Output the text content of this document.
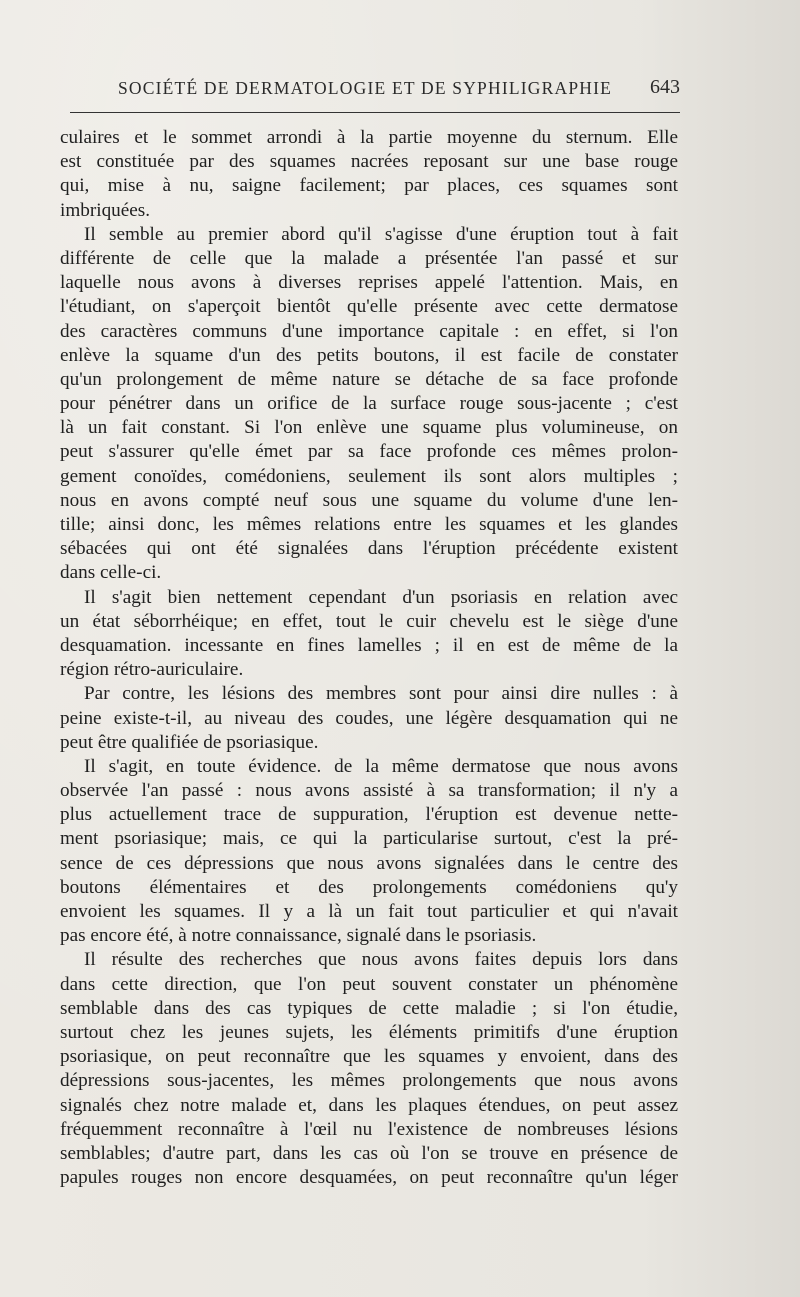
SOCIÉTÉ DE DERMATOLOGIE ET DE SYPHILIGRAPHIE 643
culaires et le sommet arrondi à la partie moyenne du sternum. Elle
est constituée par des squames nacrées reposant sur une base rouge
qui, mise à nu, saigne facilement; par places, ces squames sont
imbriquées.
Il semble au premier abord qu'il s'agisse d'une éruption tout à fait
différente de celle que la malade a présentée l'an passé et sur
laquelle nous avons à diverses reprises appelé l'attention. Mais, en
l'étudiant, on s'aperçoit bientôt qu'elle présente avec cette dermatose
des caractères communs d'une importance capitale : en effet, si l'on
enlève la squame d'un des petits boutons, il est facile de constater
qu'un prolongement de même nature se détache de sa face profonde
pour pénétrer dans un orifice de la surface rouge sous-jacente ; c'est
là un fait constant. Si l'on enlève une squame plus volumineuse, on
peut s'assurer qu'elle émet par sa face profonde ces mêmes prolon-
gement conoïdes, comédoniens, seulement ils sont alors multiples ;
nous en avons compté neuf sous une squame du volume d'une len-
tille; ainsi donc, les mêmes relations entre les squames et les glandes
sébacées qui ont été signalées dans l'éruption précédente existent
dans celle-ci.
Il s'agit bien nettement cependant d'un psoriasis en relation avec
un état séborrhéique; en effet, tout le cuir chevelu est le siège d'une
desquamation. incessante en fines lamelles ; il en est de même de la
région rétro-auriculaire.
Par contre, les lésions des membres sont pour ainsi dire nulles : à
peine existe-t-il, au niveau des coudes, une légère desquamation qui ne
peut être qualifiée de psoriasique.
Il s'agit, en toute évidence. de la même dermatose que nous avons
observée l'an passé : nous avons assisté à sa transformation; il n'y a
plus actuellement trace de suppuration, l'éruption est devenue nette-
ment psoriasique; mais, ce qui la particularise surtout, c'est la pré-
sence de ces dépressions que nous avons signalées dans le centre des
boutons élémentaires et des prolongements comédoniens qu'y
envoient les squames. Il y a là un fait tout particulier et qui n'avait
pas encore été, à notre connaissance, signalé dans le psoriasis.
Il résulte des recherches que nous avons faites depuis lors dans
dans cette direction, que l'on peut souvent constater un phénomène
semblable dans des cas typiques de cette maladie ; si l'on étudie,
surtout chez les jeunes sujets, les éléments primitifs d'une éruption
psoriasique, on peut reconnaître que les squames y envoient, dans des
dépressions sous-jacentes, les mêmes prolongements que nous avons
signalés chez notre malade et, dans les plaques étendues, on peut assez
fréquemment reconnaître à l'œil nu l'existence de nombreuses lésions
semblables; d'autre part, dans les cas où l'on se trouve en présence de
papules rouges non encore desquamées, on peut reconnaître qu'un léger
